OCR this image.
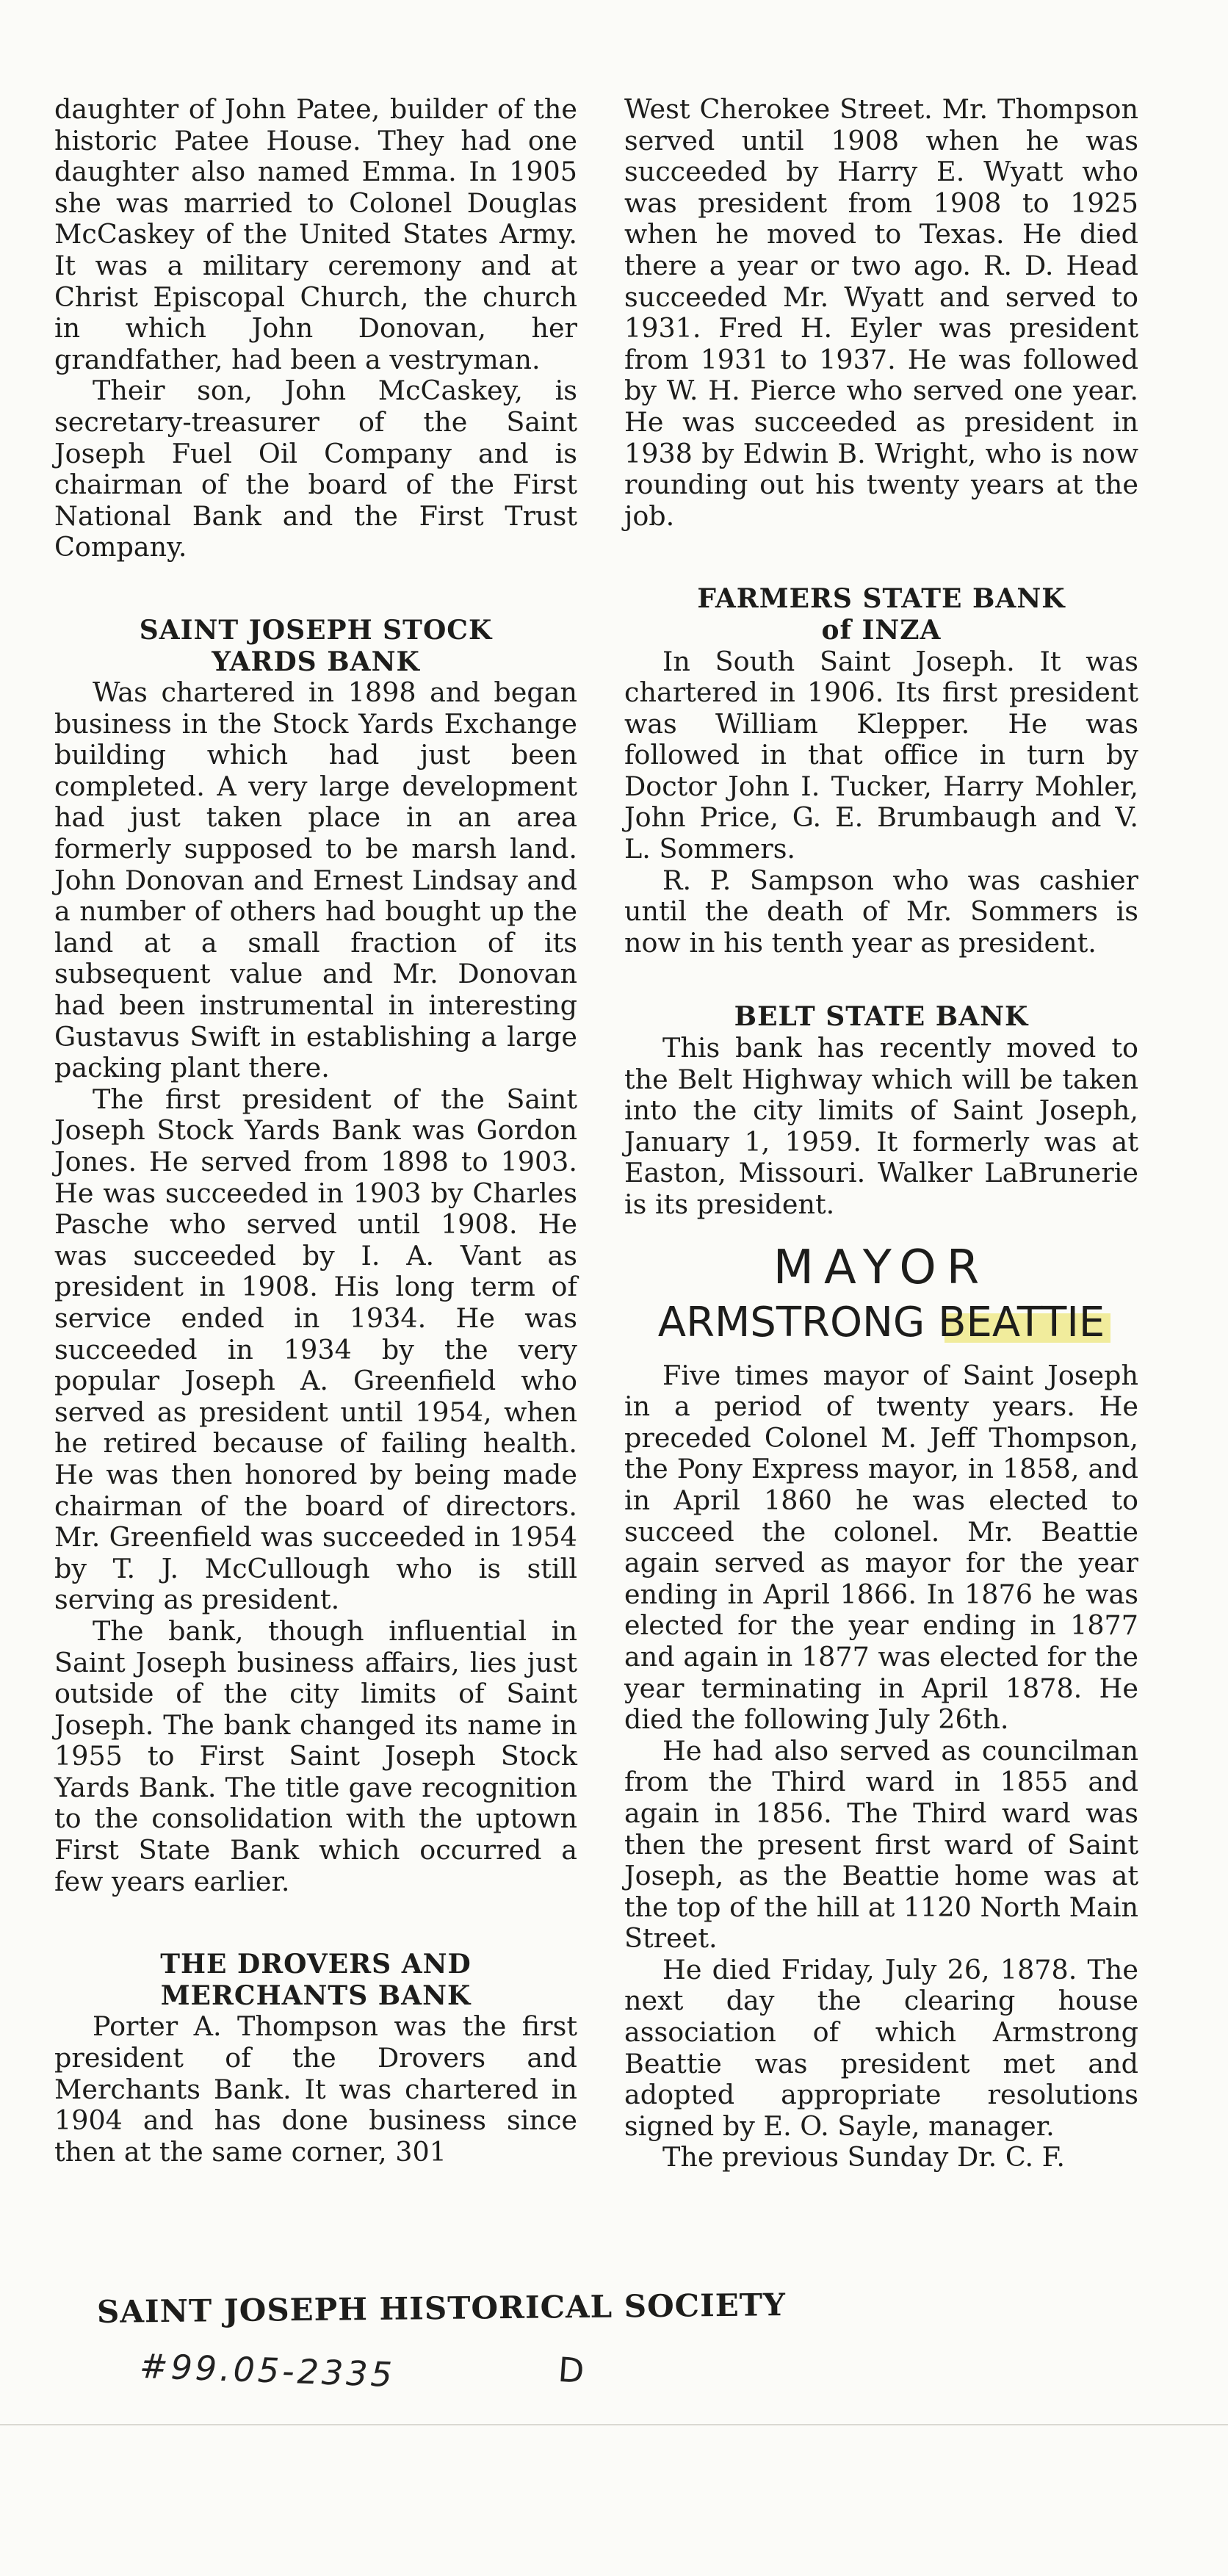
daughter of John Patee, builder of the historic Patee House. They had one daughter also named Emma. In 1905 she was married to Colonel Douglas McCaskey of the United States Army. It was a military ceremony and at Christ Episcopal Church, the church in which John Donovan, her grandfather, had been a vestryman.

Their son, John McCaskey, is secretary-treasurer of the Saint Joseph Fuel Oil Company and is chairman of the board of the First National Bank and the First Trust Company.

SAINT JOSEPH STOCK
YARDS BANK

Was chartered in 1898 and began business in the Stock Yards Exchange building which had just been completed. A very large development had just taken place in an area formerly supposed to be marsh land. John Donovan and Ernest Lindsay and a number of others had bought up the land at a small fraction of its subsequent value and Mr. Donovan had been instrumental in interesting Gustavus Swift in establishing a large packing plant there.

The first president of the Saint Joseph Stock Yards Bank was Gordon Jones. He served from 1898 to 1903. He was succeeded in 1903 by Charles Pasche who served until 1908. He was succeeded by I. A. Vant as president in 1908. His long term of service ended in 1934. He was succeeded in 1934 by the very popular Joseph A. Greenfield who served as president until 1954, when he retired because of failing health. He was then honored by being made chairman of the board of directors. Mr. Greenfield was succeeded in 1954 by T. J. McCullough who is still serving as president.

The bank, though influential in Saint Joseph business affairs, lies just outside of the city limits of Saint Joseph. The bank changed its name in 1955 to First Saint Joseph Stock Yards Bank. The title gave recognition to the consolidation with the uptown First State Bank which occurred a few years earlier.

THE DROVERS AND
MERCHANTS BANK

Porter A. Thompson was the first president of the Drovers and Merchants Bank. It was chartered in 1904 and has done business since then at the same corner, 301

West Cherokee Street. Mr. Thompson served until 1908 when he was succeeded by Harry E. Wyatt who was president from 1908 to 1925 when he moved to Texas. He died there a year or two ago. R. D. Head succeeded Mr. Wyatt and served to 1931. Fred H. Eyler was president from 1931 to 1937. He was followed by W. H. Pierce who served one year. He was succeeded as president in 1938 by Edwin B. Wright, who is now rounding out his twenty years at the job.

FARMERS STATE BANK
of INZA

In South Saint Joseph. It was chartered in 1906. Its first president was William Klepper. He was followed in that office in turn by Doctor John I. Tucker, Harry Mohler, John Price, G. E. Brumbaugh and V. L. Sommers.

R. P. Sampson who was cashier until the death of Mr. Sommers is now in his tenth year as president.

BELT STATE BANK

This bank has recently moved to the Belt Highway which will be taken into the city limits of Saint Joseph, January 1, 1959. It formerly was at Easton, Missouri. Walker LaBrunerie is its president.

MAYOR
ARMSTRONG BEATTIE

Five times mayor of Saint Joseph in a period of twenty years. He preceded Colonel M. Jeff Thompson, the Pony Express mayor, in 1858, and in April 1860 he was elected to succeed the colonel. Mr. Beattie again served as mayor for the year ending in April 1866. In 1876 he was elected for the year ending in 1877 and again in 1877 was elected for the year terminating in April 1878. He died the following July 26th.

He had also served as councilman from the Third ward in 1855 and again in 1856. The Third ward was then the present first ward of Saint Joseph, as the Beattie home was at the top of the hill at 1120 North Main Street.

He died Friday, July 26, 1878. The next day the clearing house association of which Armstrong Beattie was president met and adopted appropriate resolutions signed by E. O. Sayle, manager.

The previous Sunday Dr. C. F.

SAINT JOSEPH HISTORICAL SOCIETY
#99.05-2335	D
